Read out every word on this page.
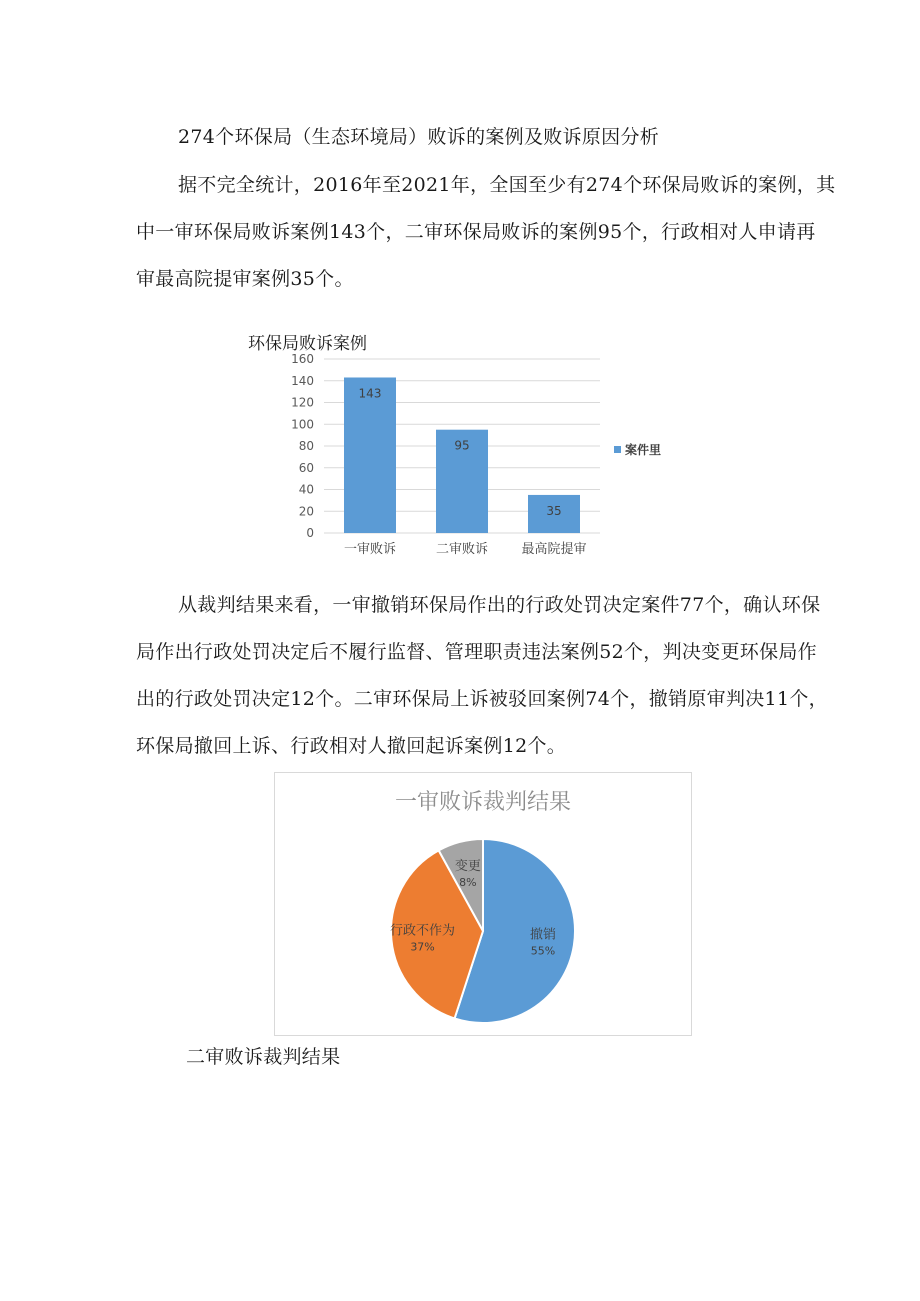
274个环保局（生态环境局）败诉的案例及败诉原因分析
据不完全统计，2016年至2021年，全国至少有274个环保局败诉的案例，其
中一审环保局败诉案例143个，二审环保局败诉的案例95个，行政相对人申请再
审最高院提审案例35个。
环保局败诉案例
0
20
40
60
80
100
120
140
160
143
95
35
一审败诉	二审败诉	最高院提审
案件里
从裁判结果来看，一审撤销环保局作出的行政处罚决定案件77个，确认环保
局作出行政处罚决定后不履行监督、管理职责违法案例52个，判决变更环保局作
出的行政处罚决定12个。二审环保局上诉被驳回案例74个，撤销原审判决11个，
环保局撤回上诉、行政相对人撤回起诉案例12个。
一审败诉裁判结果
撤销
55%
行政不作为
37%
变更
8%
二审败诉裁判结果
